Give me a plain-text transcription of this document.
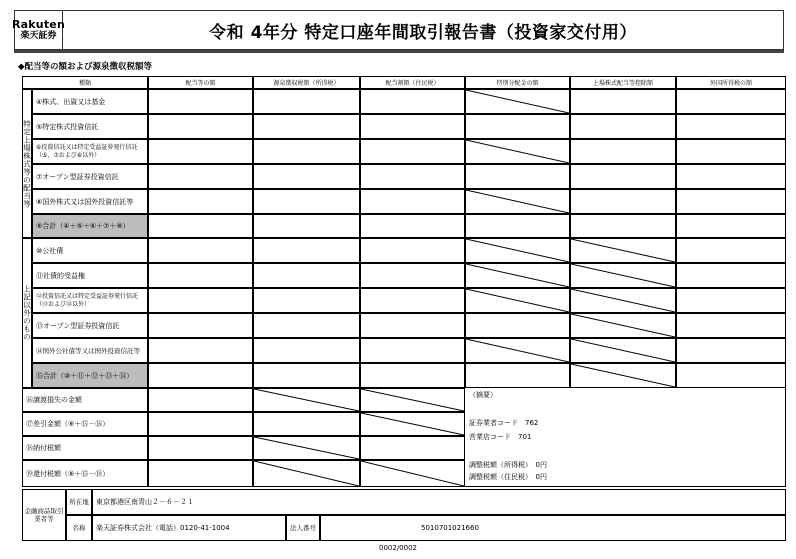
Rakuten
楽天証券	令和 4年分 特定口座年間取引報告書（投資家交付用）
◆配当等の額および源泉徴収税額等
種類	配当等の額	源泉徴収税額（所得税）	配当割額（住民税）	特別分配金の額	上場株式配当等控除額	外国所得税の額
特定上場株式等の配当等
上記以外のもの
④株式、出資又は基金
⑤特定株式投資信託
⑥投資信託又は特定受益証券発行信託（⑤、⑦および⑧以外）
⑦オープン型証券投資信託
⑧国外株式又は国外投資信託等
⑨合計（④＋⑤＋⑥＋⑦＋⑧）
⑩公社債
⑪社債的受益権
⑫投資信託又は特定受益証券発行信託（⑬および⑭以外）
⑬オープン型証券投資信託
⑭国外公社債等又は国外投資信託等
⑮合計（⑩＋⑪＋⑫＋⑬＋⑭）
⑯譲渡損失の金額
⑰差引金額（⑨＋⑮－⑯）
⑱納付税額
⑲還付税額（⑨＋⑮－⑱）
（摘要）
証券業者コード　762
営業店コード　701
調整税額（所得税）　0円
調整税額（住民税）　0円
金融商品取引業者等
所在地	東京都港区南青山２－６－２１
名称	楽天証券株式会社（電話）0120-41-1004	法人番号	5010701021660
0002/0002
